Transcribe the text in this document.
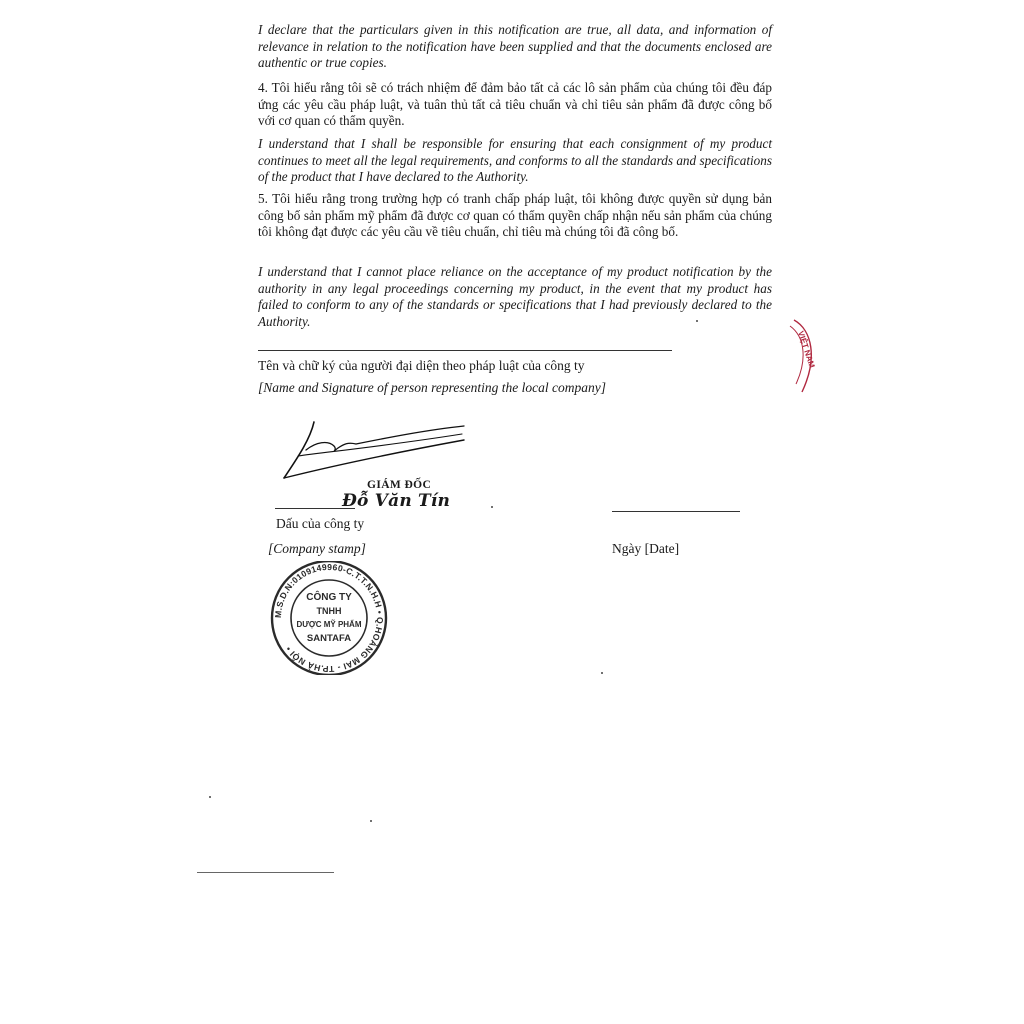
I declare that the particulars given in this notification are true, all data, and information of relevance in relation to the notification have been supplied and that the documents enclosed are authentic or true copies.

4. Tôi hiểu rằng tôi sẽ có trách nhiệm để đảm bảo tất cả các lô sản phẩm của chúng tôi đều đáp ứng các yêu cầu pháp luật, và tuân thủ tất cả tiêu chuẩn và chỉ tiêu sản phẩm đã được công bố với cơ quan có thẩm quyền.

I understand that I shall be responsible for ensuring that each consignment of my product continues to meet all the legal requirements, and conforms to all the standards and specifications of the product that I have declared to the Authority.

5. Tôi hiểu rằng trong trường hợp có tranh chấp pháp luật, tôi không được quyền sử dụng bản công bố sản phẩm mỹ phẩm đã được cơ quan có thẩm quyền chấp nhận nếu sản phẩm của chúng tôi không đạt được các yêu cầu về tiêu chuẩn, chỉ tiêu mà chúng tôi đã công bố.

I understand that I cannot place reliance on the acceptance of my product notification by the authority in any legal proceedings concerning my product, in the event that my product has failed to conform to any of the standards or specifications that I had previously declared to the Authority.

Tên và chữ ký của người đại diện theo pháp luật của công ty
[Name and Signature of person representing the local company]
GIÁM ĐỐC
Đỗ Văn Tín
Dấu của công ty
[Company stamp]	Ngày [Date]
M.S.D.N:0109149960-C.T.T.N.H.H • Q.HOÀNG MAI - TP.HÀ NỘI •
CÔNG TY
TNHH
DƯỢC MỸ PHẨM
SANTAFA
VIỆT NAM
